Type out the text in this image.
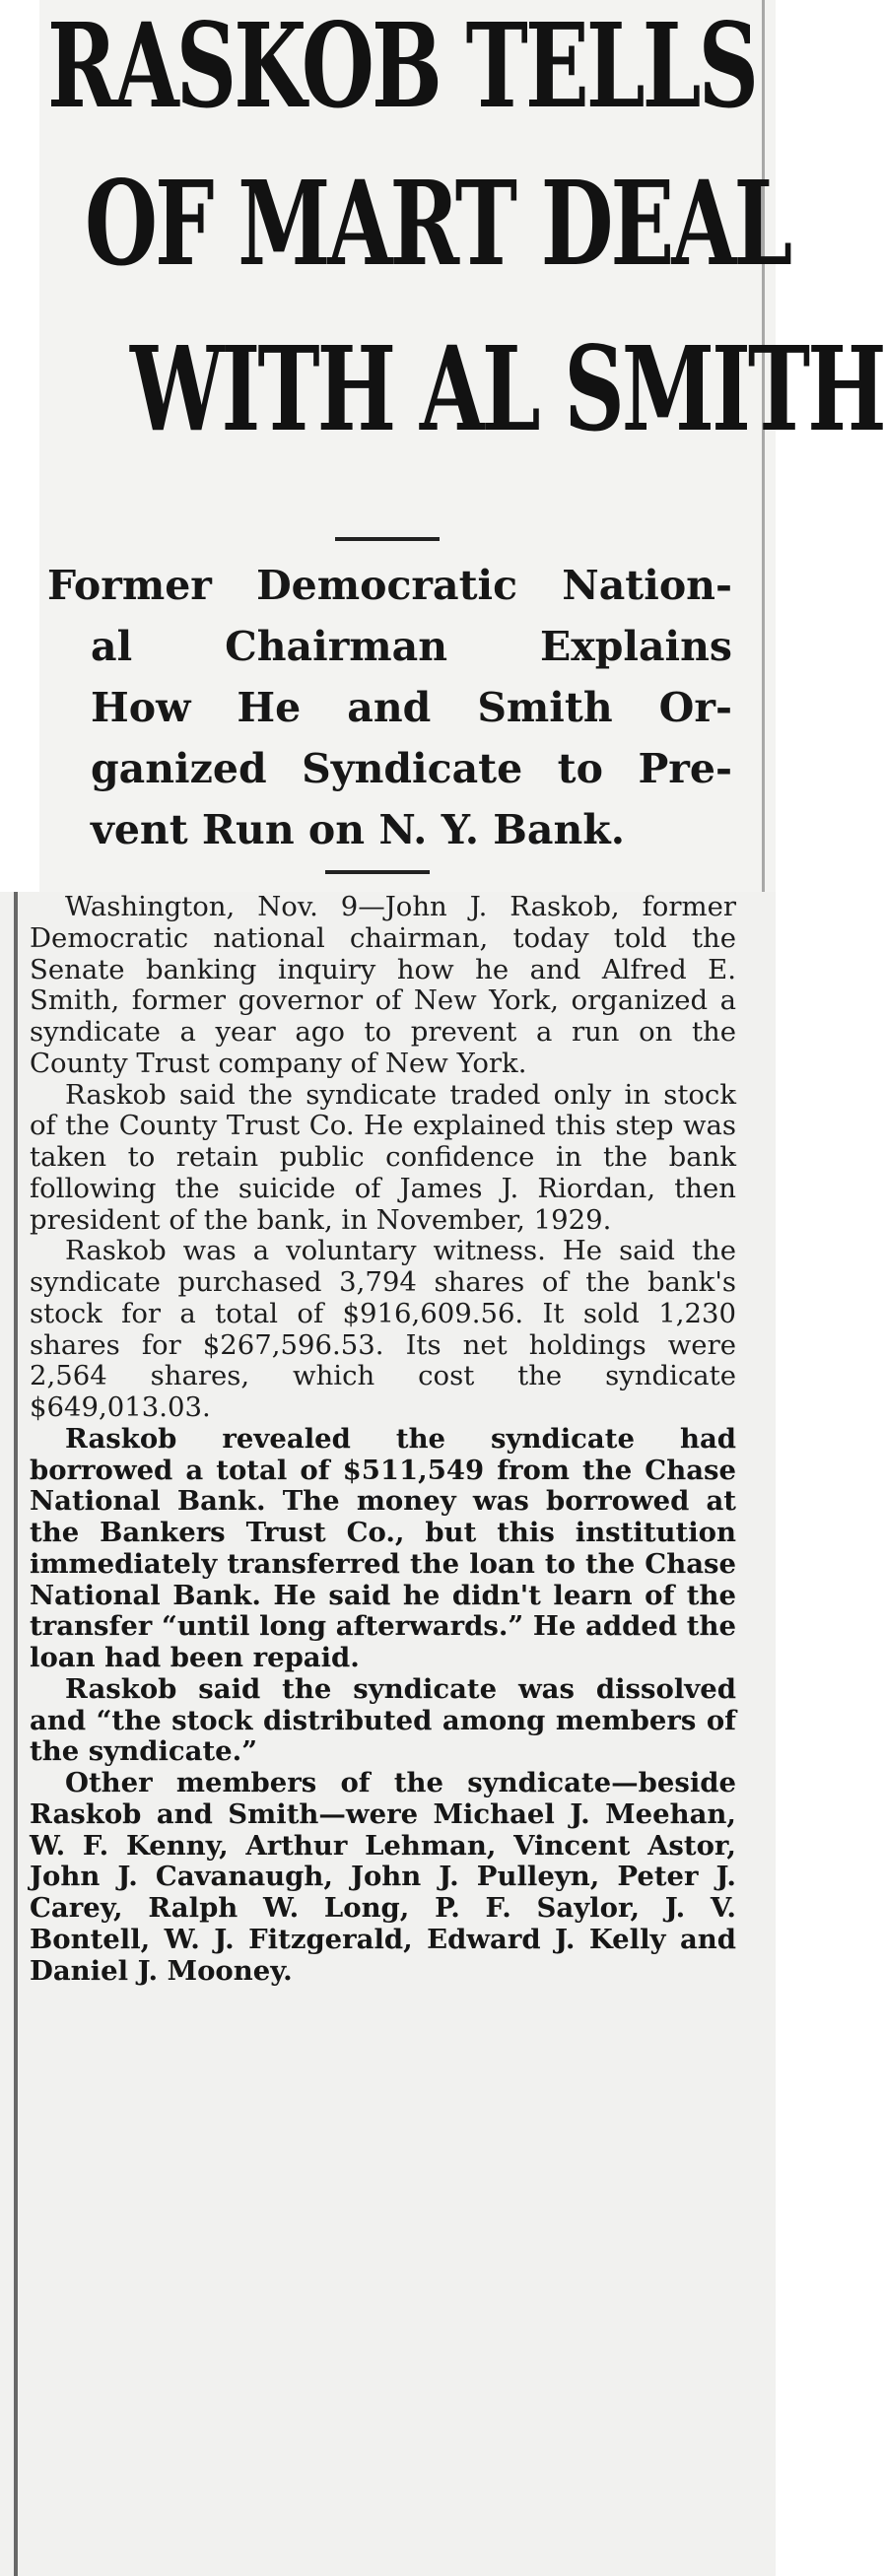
RASKOB TELLS
OF MART DEAL
WITH AL SMITH
Former Democratic Nation-
al Chairman Explains
How He and Smith Or-
ganized Syndicate to Pre-
vent Run on N. Y. Bank.

Washington, Nov. 9—John J. Raskob, former Democratic national chairman, today told the Senate banking inquiry how he and Alfred E. Smith, former governor of New York, organized a syndicate a year ago to prevent a run on the County Trust company of New York.

Raskob said the syndicate traded only in stock of the County Trust Co. He explained this step was taken to retain public confidence in the bank following the suicide of James J. Riordan, then president of the bank, in November, 1929.

Raskob was a voluntary witness. He said the syndicate purchased 3,794 shares of the bank's stock for a total of $916,609.56. It sold 1,230 shares for $267,596.53. Its net holdings were 2,564 shares, which cost the syndicate $649,013.03.

Raskob revealed the syndicate had borrowed a total of $511,549 from the Chase National Bank. The money was borrowed at the Bankers Trust Co., but this institution immediately transferred the loan to the Chase National Bank. He said he didn't learn of the transfer “until long afterwards.” He added the loan had been repaid.

Raskob said the syndicate was dissolved and “the stock distributed among members of the syndicate.”

Other members of the syndicate—beside Raskob and Smith—were Michael J. Meehan, W. F. Kenny, Arthur Lehman, Vincent Astor, John J. Cavanaugh, John J. Pulleyn, Peter J. Carey, Ralph W. Long, P. F. Saylor, J. V. Bontell, W. J. Fitzgerald, Edward J. Kelly and Daniel J. Mooney.
